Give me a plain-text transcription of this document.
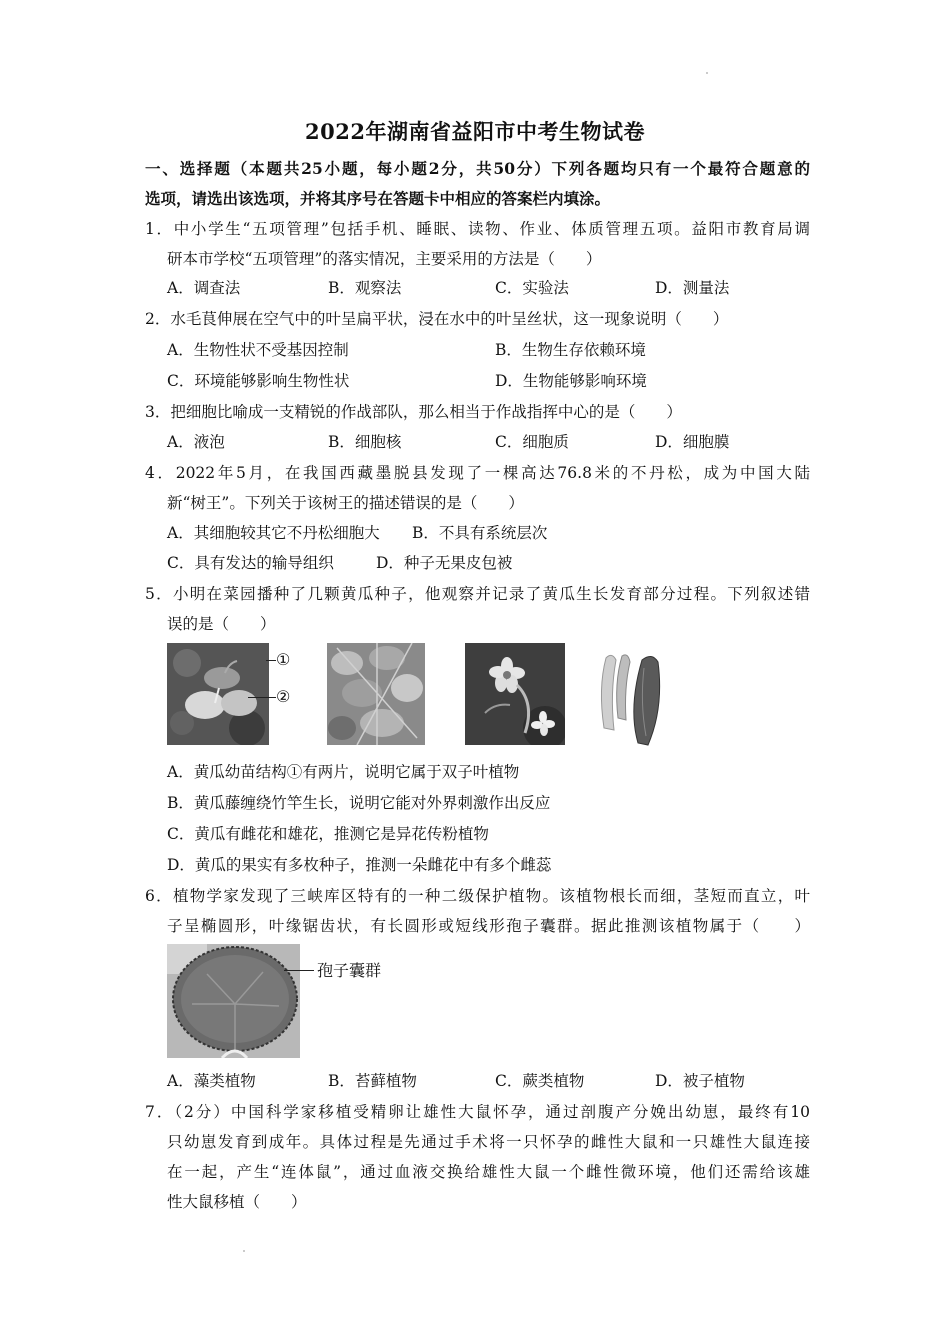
2022年湖南省益阳市中考生物试卷
一、选择题（本题共25小题，每小题2分，共50分）下列各题均只有一个最符合题意的
选项，请选出该选项，并将其序号在答题卡中相应的答案栏内填涂。
1．中小学生“五项管理”包括手机、睡眠、读物、作业、体质管理五项。益阳市教育局调
研本市学校“五项管理”的落实情况，主要采用的方法是（　　）
A．调查法	B．观察法	C．实验法	D．测量法
2．水毛茛伸展在空气中的叶呈扁平状，浸在水中的叶呈丝状，这一现象说明（　　）
A．生物性状不受基因控制	B．生物生存依赖环境
C．环境能够影响生物性状	D．生物能够影响环境
3．把细胞比喻成一支精锐的作战部队，那么相当于作战指挥中心的是（　　）
A．液泡	B．细胞核	C．细胞质	D．细胞膜
4．2022年5月，在我国西藏墨脱县发现了一棵高达76.8米的不丹松，成为中国大陆
新“树王”。下列关于该树王的描述错误的是（　　）
A．其细胞较其它不丹松细胞大 B．不具有系统层次
C．具有发达的输导组织	D．种子无果皮包被
5．小明在菜园播种了几颗黄瓜种子，他观察并记录了黄瓜生长发育部分过程。下列叙述错
误的是（　　）
①
②
A．黄瓜幼苗结构①有两片，说明它属于双子叶植物
B．黄瓜藤缠绕竹竿生长，说明它能对外界刺激作出反应
C．黄瓜有雌花和雄花，推测它是异花传粉植物
D．黄瓜的果实有多枚种子，推测一朵雌花中有多个雌蕊
6．植物学家发现了三峡库区特有的一种二级保护植物。该植物根长而细，茎短而直立，叶
子呈椭圆形，叶缘锯齿状，有长圆形或短线形孢子囊群。据此推测该植物属于（　　）
孢子囊群
A．藻类植物	B．苔藓植物	C．蕨类植物	D．被子植物
7．（2分）中国科学家移植受精卵让雄性大鼠怀孕，通过剖腹产分娩出幼崽，最终有10
只幼崽发育到成年。具体过程是先通过手术将一只怀孕的雌性大鼠和一只雄性大鼠连接
在一起，产生“连体鼠”，通过血液交换给雄性大鼠一个雌性微环境，他们还需给该雄
性大鼠移植（　　）
